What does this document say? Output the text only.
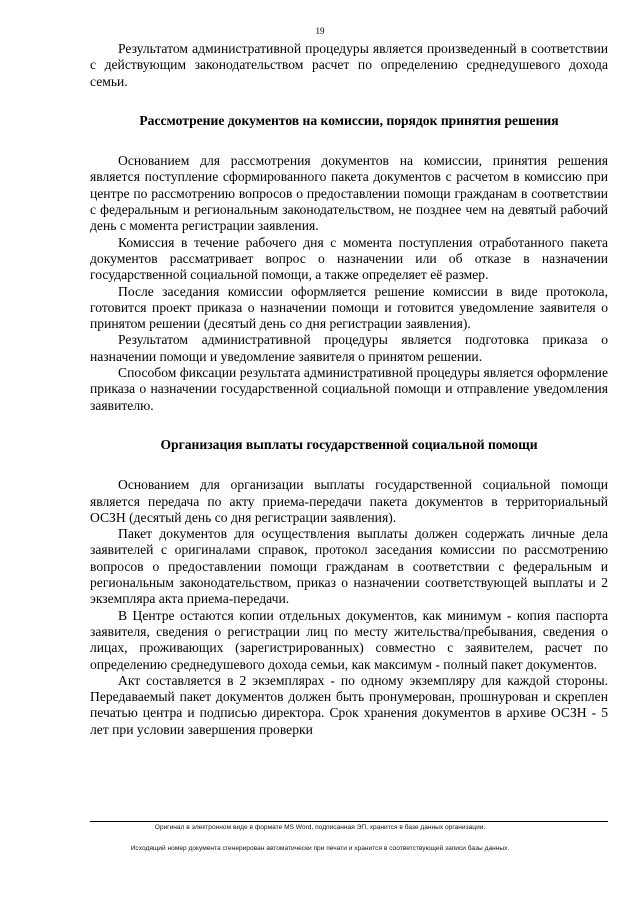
19

Результатом административной процедуры является произведенный в соответствии с действующим законодательством расчет по определению среднедушевого дохода семьи.

Рассмотрение документов на комиссии, порядок принятия решения

Основанием для рассмотрения документов на комиссии, принятия решения является поступление сформированного пакета документов с расчетом в комиссию при центре по рассмотрению вопросов о предоставлении помощи гражданам в соответствии с федеральным и региональным законодательством, не позднее чем на девятый рабочий день с момента регистрации заявления.

Комиссия в течение рабочего дня с момента поступления отработанного пакета документов рассматривает вопрос о назначении или об отказе в назначении государственной социальной помощи, а также определяет её размер.

После заседания комиссии оформляется решение комиссии в виде протокола, готовится проект приказа о назначении помощи и готовится уведомление заявителя о принятом решении (десятый день со дня регистрации заявления).

Результатом административной процедуры является подготовка приказа о назначении помощи и уведомление заявителя о принятом решении.

Способом фиксации результата административной процедуры является оформление приказа о назначении государственной социальной помощи и отправление уведомления заявителю.

Организация выплаты государственной социальной помощи

Основанием для организации выплаты государственной социальной помощи является передача по акту приема-передачи пакета документов в территориальный ОСЗН (десятый день со дня регистрации заявления).

Пакет документов для осуществления выплаты должен содержать личные дела заявителей с оригиналами справок, протокол заседания комиссии по рассмотрению вопросов о предоставлении помощи гражданам в соответствии с федеральным и региональным законодательством, приказ о назначении соответствующей выплаты и 2 экземпляра акта приема-передачи.

В Центре остаются копии отдельных документов, как минимум - копия паспорта заявителя, сведения о регистрации лиц по месту жительства/пребывания, сведения о лицах, проживающих (зарегистрированных) совместно с заявителем, расчет по определению среднедушевого дохода семьи, как максимум - полный пакет документов.

Акт составляется в 2 экземплярах - по одному экземпляру для каждой стороны. Передаваемый пакет документов должен быть пронумерован, прошнурован и скреплен печатью центра и подписью директора. Срок хранения документов в архиве ОСЗН - 5 лет при условии завершения проверки

Оригинал в электронном виде в формате MS Word, подписанная ЭП, хранится в базе данных организации.
Исходящий номер документа сгенерирован автоматически при печати и хранится в соответствующей записи базы данных.
